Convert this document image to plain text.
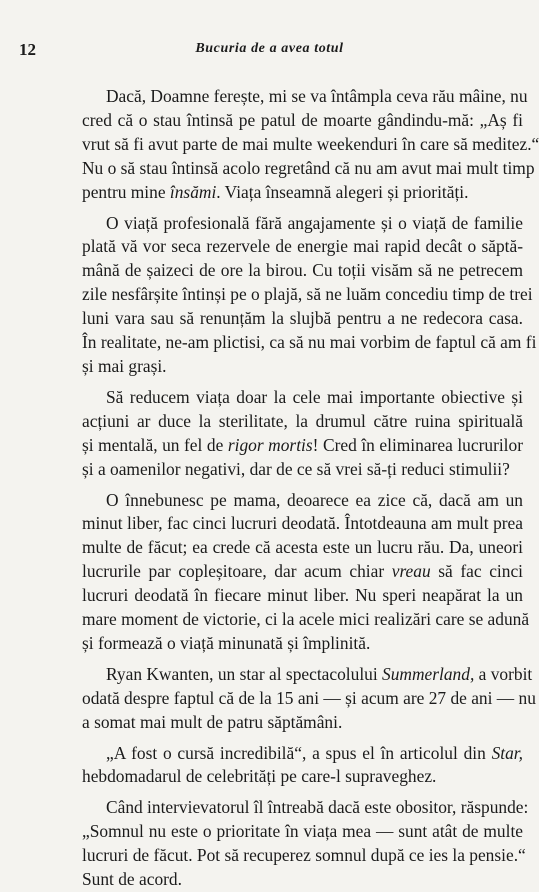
12	Bucuria de a avea totul
Dacă, Doamne ferește, mi se va întâmpla ceva rău mâine, nu
cred că o stau întinsă pe patul de moarte gândindu-mă: „Aș fi
vrut să fi avut parte de mai multe weekenduri în care să meditez.“
Nu o să stau întinsă acolo regretând că nu am avut mai mult timp
pentru mine însămi. Viața înseamnă alegeri și priorități.
O viață profesională fără angajamente și o viață de familie
plată vă vor seca rezervele de energie mai rapid decât o săptă-
mână de șaizeci de ore la birou. Cu toții visăm să ne petrecem
zile nesfârșite întinși pe o plajă, să ne luăm concediu timp de trei
luni vara sau să renunțăm la slujbă pentru a ne redecora casa.
În realitate, ne-am plictisi, ca să nu mai vorbim de faptul că am fi
și mai grași.
Să reducem viața doar la cele mai importante obiective și
acțiuni ar duce la sterilitate, la drumul către ruina spirituală
și mentală, un fel de rigor mortis! Cred în eliminarea lucrurilor
și a oamenilor negativi, dar de ce să vrei să-ți reduci stimulii?
O înnebunesc pe mama, deoarece ea zice că, dacă am un
minut liber, fac cinci lucruri deodată. Întotdeauna am mult prea
multe de făcut; ea crede că acesta este un lucru rău. Da, uneori
lucrurile par copleșitoare, dar acum chiar vreau să fac cinci
lucruri deodată în fiecare minut liber. Nu speri neapărat la un
mare moment de victorie, ci la acele mici realizări care se adună
și formează o viață minunată și împlinită.
Ryan Kwanten, un star al spectacolului Summerland, a vorbit
odată despre faptul că de la 15 ani — și acum are 27 de ani — nu
a somat mai mult de patru săptămâni.
„A fost o cursă incredibilă“, a spus el în articolul din Star,
hebdomadarul de celebrități pe care-l supraveghez.
Când intervievatorul îl întreabă dacă este obositor, răspunde:
„Somnul nu este o prioritate în viața mea — sunt atât de multe
lucruri de făcut. Pot să recuperez somnul după ce ies la pensie.“
Sunt de acord.
